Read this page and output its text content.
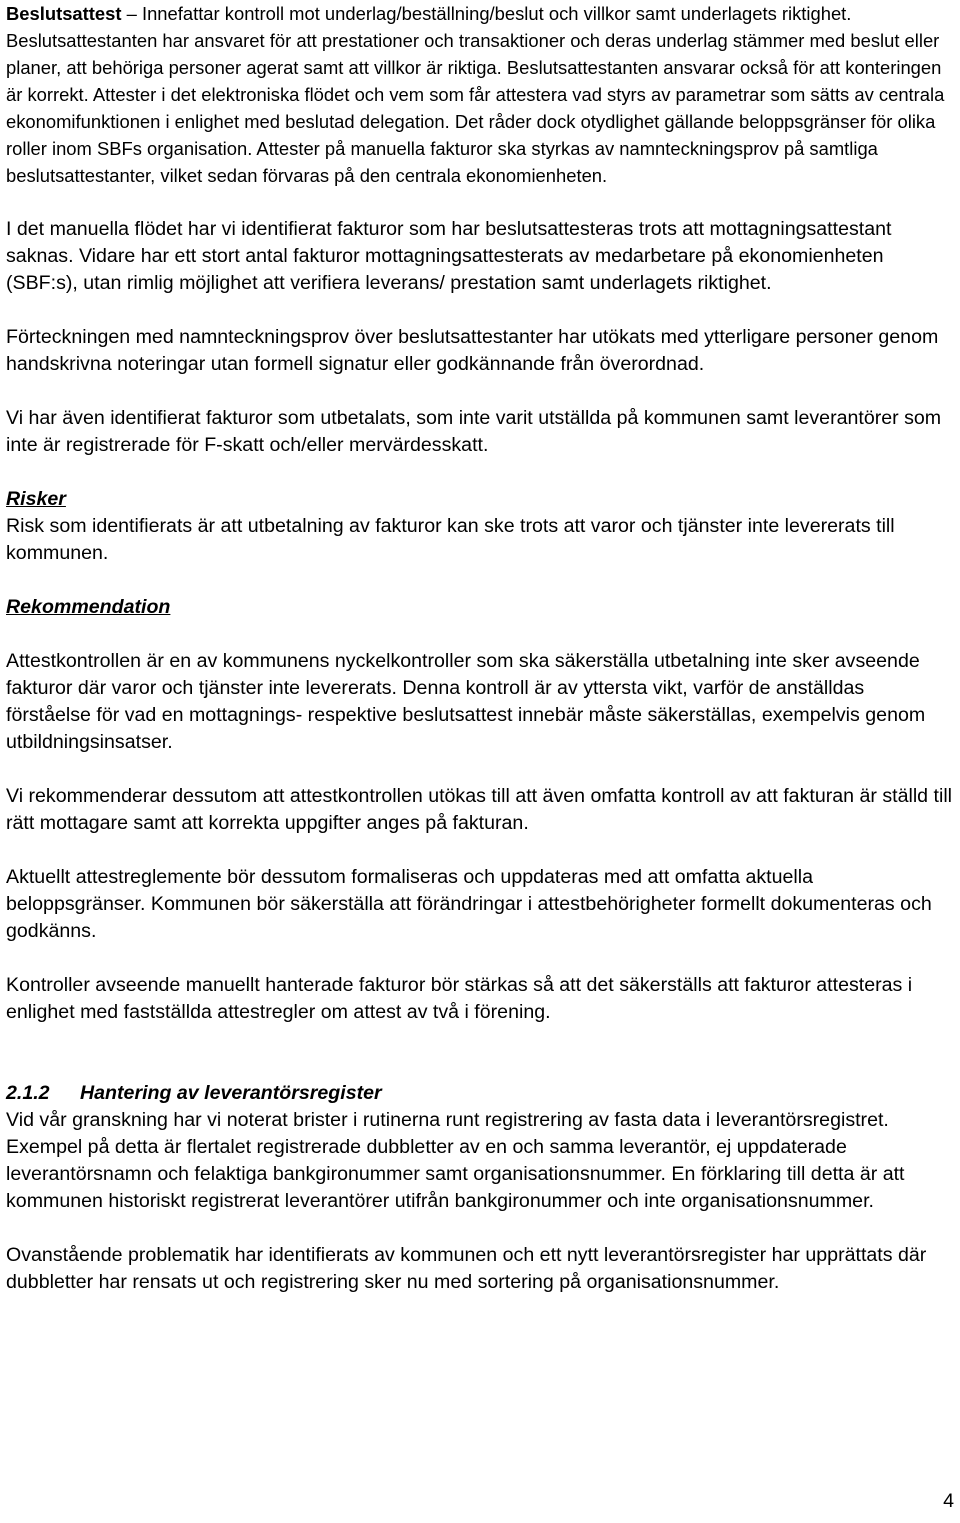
Beslutsattest – Innefattar kontroll mot underlag/beställning/beslut och villkor samt underlagets riktighet. Beslutsattestanten har ansvaret för att prestationer och transaktioner och deras underlag stämmer med beslut eller planer, att behöriga personer agerat samt att villkor är riktiga. Beslutsattestanten ansvarar också för att konteringen är korrekt. Attester i det elektroniska flödet och vem som får attestera vad styrs av parametrar som sätts av centrala ekonomifunktionen i enlighet med beslutad delegation. Det råder dock otydlighet gällande beloppsgränser för olika roller inom SBFs organisation. Attester på manuella fakturor ska styrkas av namnteckningsprov på samtliga beslutsattestanter, vilket sedan förvaras på den centrala ekonomienheten.

I det manuella flödet har vi identifierat fakturor som har beslutsattesteras trots att mottagningsattestant saknas. Vidare har ett stort antal fakturor mottagningsattesterats av medarbetare på ekonomienheten (SBF:s), utan rimlig möjlighet att verifiera leverans/ prestation samt underlagets riktighet.

Förteckningen med namnteckningsprov över beslutsattestanter har utökats med ytterligare personer genom handskrivna noteringar utan formell signatur eller godkännande från överordnad.

Vi har även identifierat fakturor som utbetalats, som inte varit utställda på kommunen samt leverantörer som inte är registrerade för F-skatt och/eller mervärdesskatt.

Risker

Risk som identifierats är att utbetalning av fakturor kan ske trots att varor och tjänster inte levererats till kommunen.

Rekommendation

Attestkontrollen är en av kommunens nyckelkontroller som ska säkerställa utbetalning inte sker avseende fakturor där varor och tjänster inte levererats. Denna kontroll är av yttersta vikt, varför de anställdas förståelse för vad en mottagnings- respektive beslutsattest innebär måste säkerställas, exempelvis genom utbildningsinsatser.

Vi rekommenderar dessutom att attestkontrollen utökas till att även omfatta kontroll av att fakturan är ställd till rätt mottagare samt att korrekta uppgifter anges på fakturan.

Aktuellt attestreglemente bör dessutom formaliseras och uppdateras med att omfatta aktuella beloppsgränser. Kommunen bör säkerställa att förändringar i attestbehörigheter formellt dokumenteras och godkänns.

Kontroller avseende manuellt hanterade fakturor bör stärkas så att det säkerställs att fakturor attesteras i enlighet med fastställda attestregler om attest av två i förening.

2.1.2 Hantering av leverantörsregister

Vid vår granskning har vi noterat brister i rutinerna runt registrering av fasta data i leverantörsregistret. Exempel på detta är flertalet registrerade dubbletter av en och samma leverantör, ej uppdaterade leverantörsnamn och felaktiga bankgironummer samt organisationsnummer. En förklaring till detta är att kommunen historiskt registrerat leverantörer utifrån bankgironummer och inte organisationsnummer.

Ovanstående problematik har identifierats av kommunen och ett nytt leverantörsregister har upprättats där dubbletter har rensats ut och registrering sker nu med sortering på organisationsnummer.

4
